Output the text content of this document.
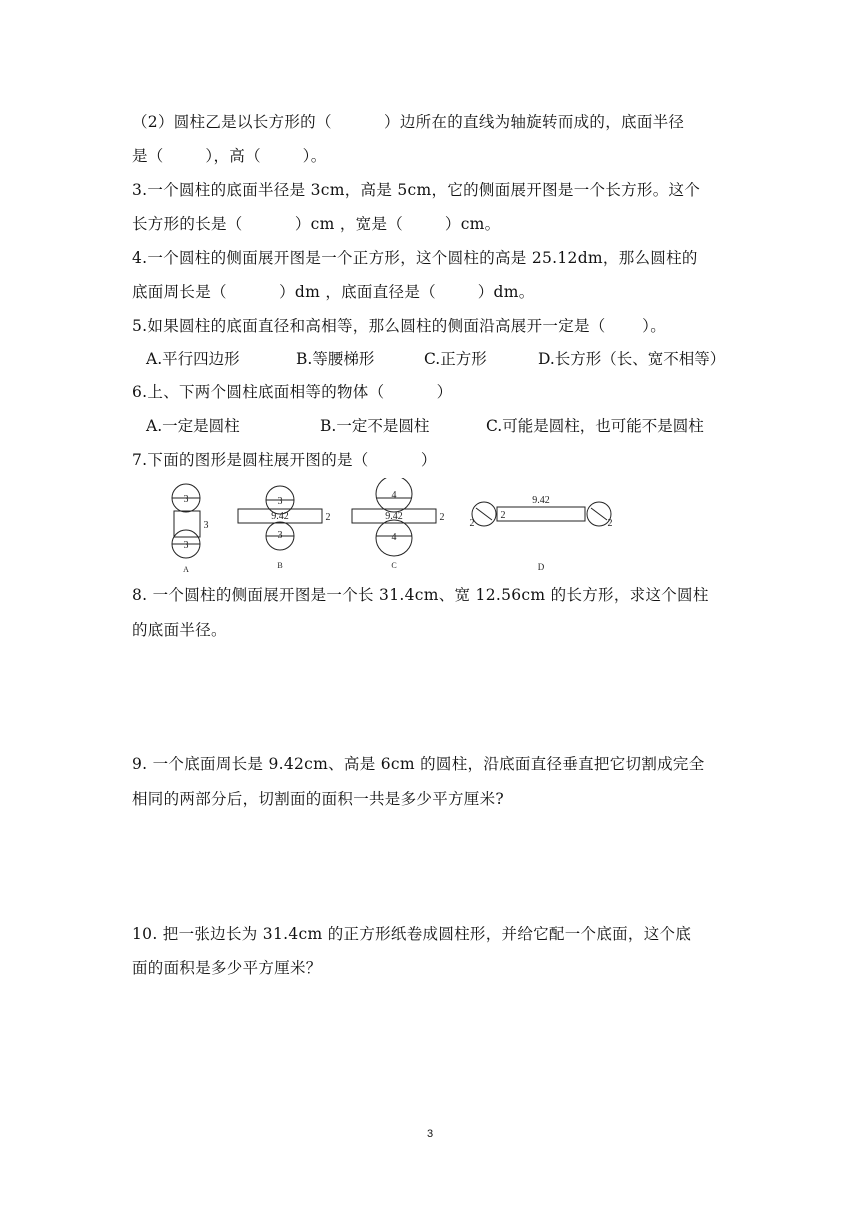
（2）圆柱乙是以长方形的（          ）边所在的直线为轴旋转而成的，底面半径
是（        ），高（        ）。
3.一个圆柱的底面半径是 3cm，高是 5cm，它的侧面展开图是一个长方形。这个
长方形的长是（          ）cm ，宽是（        ）cm。
4.一个圆柱的侧面展开图是一个正方形，这个圆柱的高是 25.12dm，那么圆柱的
底面周长是（          ）dm ，底面直径是（        ）dm。
5.如果圆柱的底面直径和高相等，那么圆柱的侧面沿高展开一定是（       ）。
A.平行四边形	B.等腰梯形	C.正方形	D.长方形（长、宽不相等）
6.上、下两个圆柱底面相等的物体（          ）
A.一定是圆柱	B.一定不是圆柱	C.可能是圆柱，也可能不是圆柱
7.下面的图形是圆柱展开图的是（          ）
3
3
3
A
3
9.42
3
2
B
4
9.42
4
2
C
9.42
2
2	2
D
8. 一个圆柱的侧面展开图是一个长 31.4cm、宽 12.56cm 的长方形，求这个圆柱
的底面半径。
9. 一个底面周长是 9.42cm、高是 6cm 的圆柱，沿底面直径垂直把它切割成完全
相同的两部分后，切割面的面积一共是多少平方厘米?
10. 把一张边长为 31.4cm 的正方形纸卷成圆柱形，并给它配一个底面，这个底
面的面积是多少平方厘米？
3
